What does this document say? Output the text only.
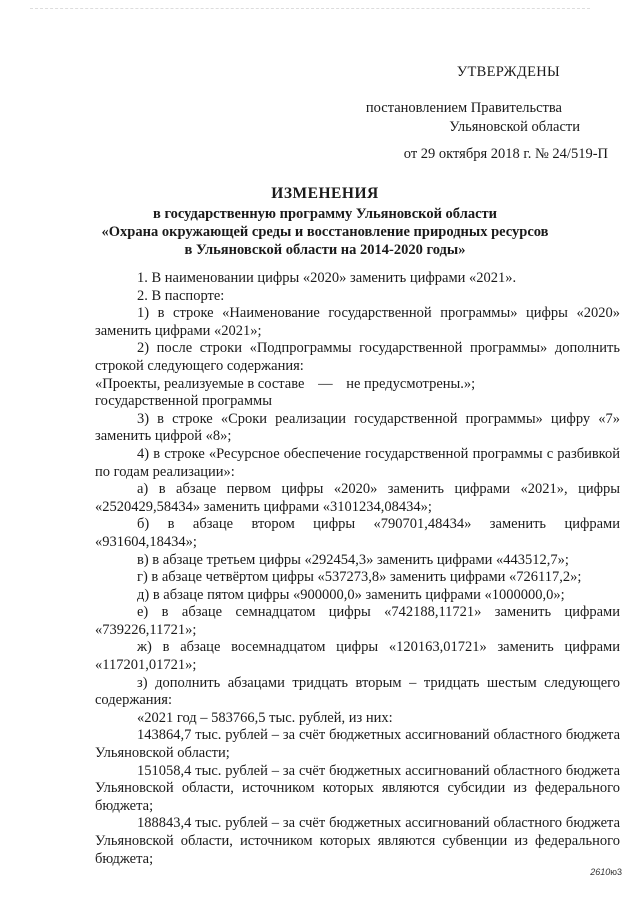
УТВЕРЖДЕНЫ
постановлением Правительства
Ульяновской области
от 29 октября 2018 г. № 24/519-П
ИЗМЕНЕНИЯ
в государственную программу Ульяновской области
«Охрана окружающей среды и восстановление природных ресурсов
в Ульяновской области на 2014-2020 годы»

1. В наименовании цифры «2020» заменить цифрами «2021».

2. В паспорте:

1) в строке «Наименование государственной программы» цифры «2020» заменить цифрами «2021»;

2) после строки «Подпрограммы государственной программы» дополнить строкой следующего содержания:

«Проекты, реализуемые в составе — не предусмотрены.»;

государственной программы

3) в строке «Сроки реализации государственной программы» цифру «7» заменить цифрой «8»;

4) в строке «Ресурсное обеспечение государственной программы с разбивкой по годам реализации»:

а) в абзаце первом цифры «2020» заменить цифрами «2021», цифры «2520429,58434» заменить цифрами «3101234,08434»;

б) в абзаце втором цифры «790701,48434» заменить цифрами «931604,18434»;

в) в абзаце третьем цифры «292454,3» заменить цифрами «443512,7»;

г) в абзаце четвёртом цифры «537273,8» заменить цифрами «726117,2»;

д) в абзаце пятом цифры «900000,0» заменить цифрами «1000000,0»;

е) в абзаце семнадцатом цифры «742188,11721» заменить цифрами «739226,11721»;

ж) в абзаце восемнадцатом цифры «120163,01721» заменить цифрами «117201,01721»;

з) дополнить абзацами тридцать вторым – тридцать шестым следующего содержания:

«2021 год – 583766,5 тыс. рублей, из них:

143864,7 тыс. рублей – за счёт бюджетных ассигнований областного бюджета Ульяновской области;

151058,4 тыс. рублей – за счёт бюджетных ассигнований областного бюджета Ульяновской области, источником которых являются субсидии из федерального бюджета;

188843,4 тыс. рублей – за счёт бюджетных ассигнований областного бюджета Ульяновской области, источником которых являются субвенции из федерального бюджета;

2610ю3
